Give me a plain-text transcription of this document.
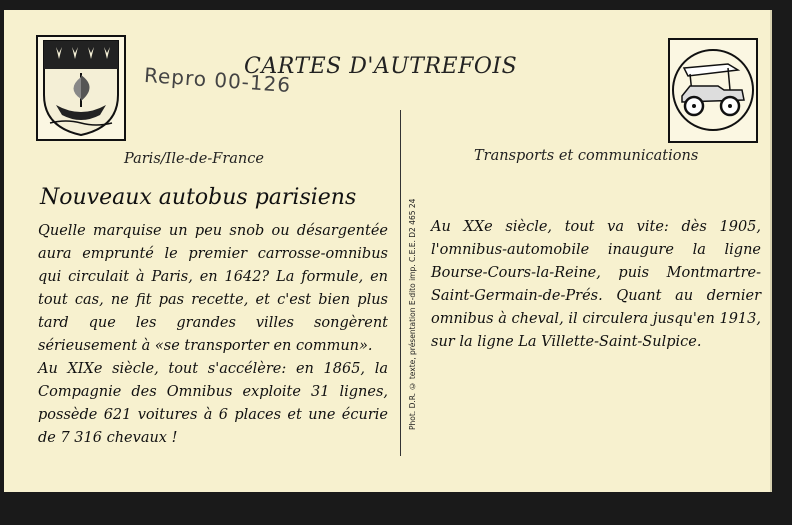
CARTES D'AUTREFOIS
Repro 00-126
Paris/Ile-de-France	Transports et communications
Nouveaux autobus parisiens

Quelle marquise un peu snob ou désargentée aura emprunté le premier carrosse-omnibus qui circulait à Paris, en 1642? La formule, en tout cas, ne fit pas recette, et c'est bien plus tard que les grandes villes songèrent sérieusement à «se transporter en commun».

Au XIXe siècle, tout s'accélère: en 1865, la Compagnie des Omnibus exploite 31 lignes, possède 621 voitures à 6 places et une écurie de 7 316 chevaux !

Phot. D.R. © texte, présentation E-dito imp. C.E.E. D2 465 24 Au XXe siècle, tout va vite: dès 1905, l'omnibus-automobile inaugure la ligne Bourse-Cours-la-Reine, puis Montmartre-Saint-Germain-de-Prés. Quant au dernier omnibus à cheval, il circulera jusqu'en 1913, sur la ligne La Villette-Saint-Sulpice.
